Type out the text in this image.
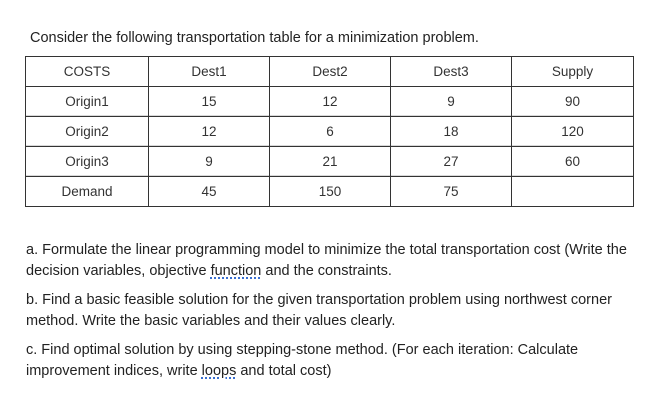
Consider the following transportation table for a minimization problem.
COSTS	Dest1	Dest2	Dest3	Supply
Origin1	15	12	9	90
Origin2	12	6	18	120
Origin3	9	21	27	60
Demand	45	150	75	

a. Formulate the linear programming model to minimize the total transportation cost (Write the decision variables, objective function and the constraints.

b. Find a basic feasible solution for the given transportation problem using northwest corner method. Write the basic variables and their values clearly.

c. Find optimal solution by using stepping-stone method. (For each iteration: Calculate improvement indices, write loops and total cost)
